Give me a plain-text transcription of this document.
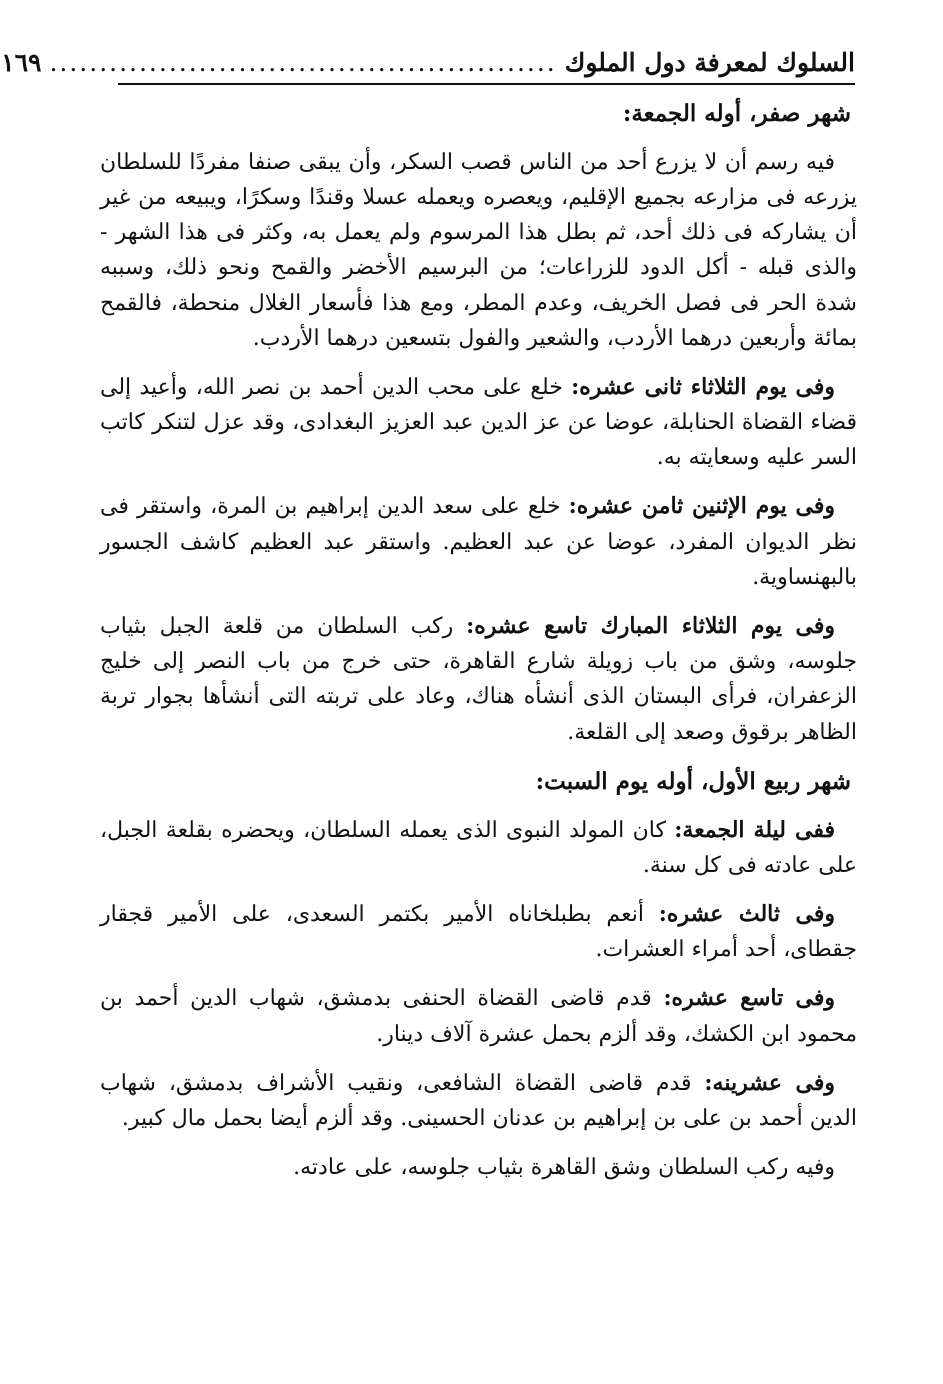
السلوك لمعرفة دول الملوك
...................................................
١٦٩
شهر صفر، أوله الجمعة:

فيه رسم أن لا يزرع أحد من الناس قصب السكر، وأن يبقى صنفا مفردًا للسلطان يزرعه فى مزارعه بجميع الإقليم، ويعصره ويعمله عسلا وقندًا وسكرًا، ويبيعه من غير أن يشاركه فى ذلك أحد، ثم بطل هذا المرسوم ولم يعمل به، وكثر فى هذا الشهر - والذى قبله - أكل الدود للزراعات؛ من البرسيم الأخضر والقمح ونحو ذلك، وسببه شدة الحر فى فصل الخريف، وعدم المطر، ومع هذا فأسعار الغلال منحطة، فالقمح بمائة وأربعين درهما الأردب، والشعير والفول بتسعين درهما الأردب.

وفى يوم الثلاثاء ثانى عشره: خلع على محب الدين أحمد بن نصر الله، وأعيد إلى قضاء القضاة الحنابلة، عوضا عن عز الدين عبد العزيز البغدادى، وقد عزل لتنكر كاتب السر عليه وسعايته به.

وفى يوم الإثنين ثامن عشره: خلع على سعد الدين إبراهيم بن المرة، واستقر فى نظر الديوان المفرد، عوضا عن عبد العظيم. واستقر عبد العظيم كاشف الجسور بالبهنساوية.

وفى يوم الثلاثاء المبارك تاسع عشره: ركب السلطان من قلعة الجبل بثياب جلوسه، وشق من باب زويلة شارع القاهرة، حتى خرج من باب النصر إلى خليج الزعفران، فرأى البستان الذى أنشأه هناك، وعاد على تربته التى أنشأها بجوار تربة الظاهر برقوق وصعد إلى القلعة.

شهر ربيع الأول، أوله يوم السبت:

ففى ليلة الجمعة: كان المولد النبوى الذى يعمله السلطان، ويحضره بقلعة الجبل، على عادته فى كل سنة.

وفى ثالث عشره: أنعم بطبلخاناه الأمير بكتمر السعدى، على الأمير قجقار جقطاى، أحد أمراء العشرات.

وفى تاسع عشره: قدم قاضى القضاة الحنفى بدمشق، شهاب الدين أحمد بن محمود ابن الكشك، وقد ألزم بحمل عشرة آلاف دينار.

وفى عشرينه: قدم قاضى القضاة الشافعى، ونقيب الأشراف بدمشق، شهاب الدين أحمد بن على بن إبراهيم بن عدنان الحسينى. وقد ألزم أيضا بحمل مال كبير.

وفيه ركب السلطان وشق القاهرة بثياب جلوسه، على عادته.
